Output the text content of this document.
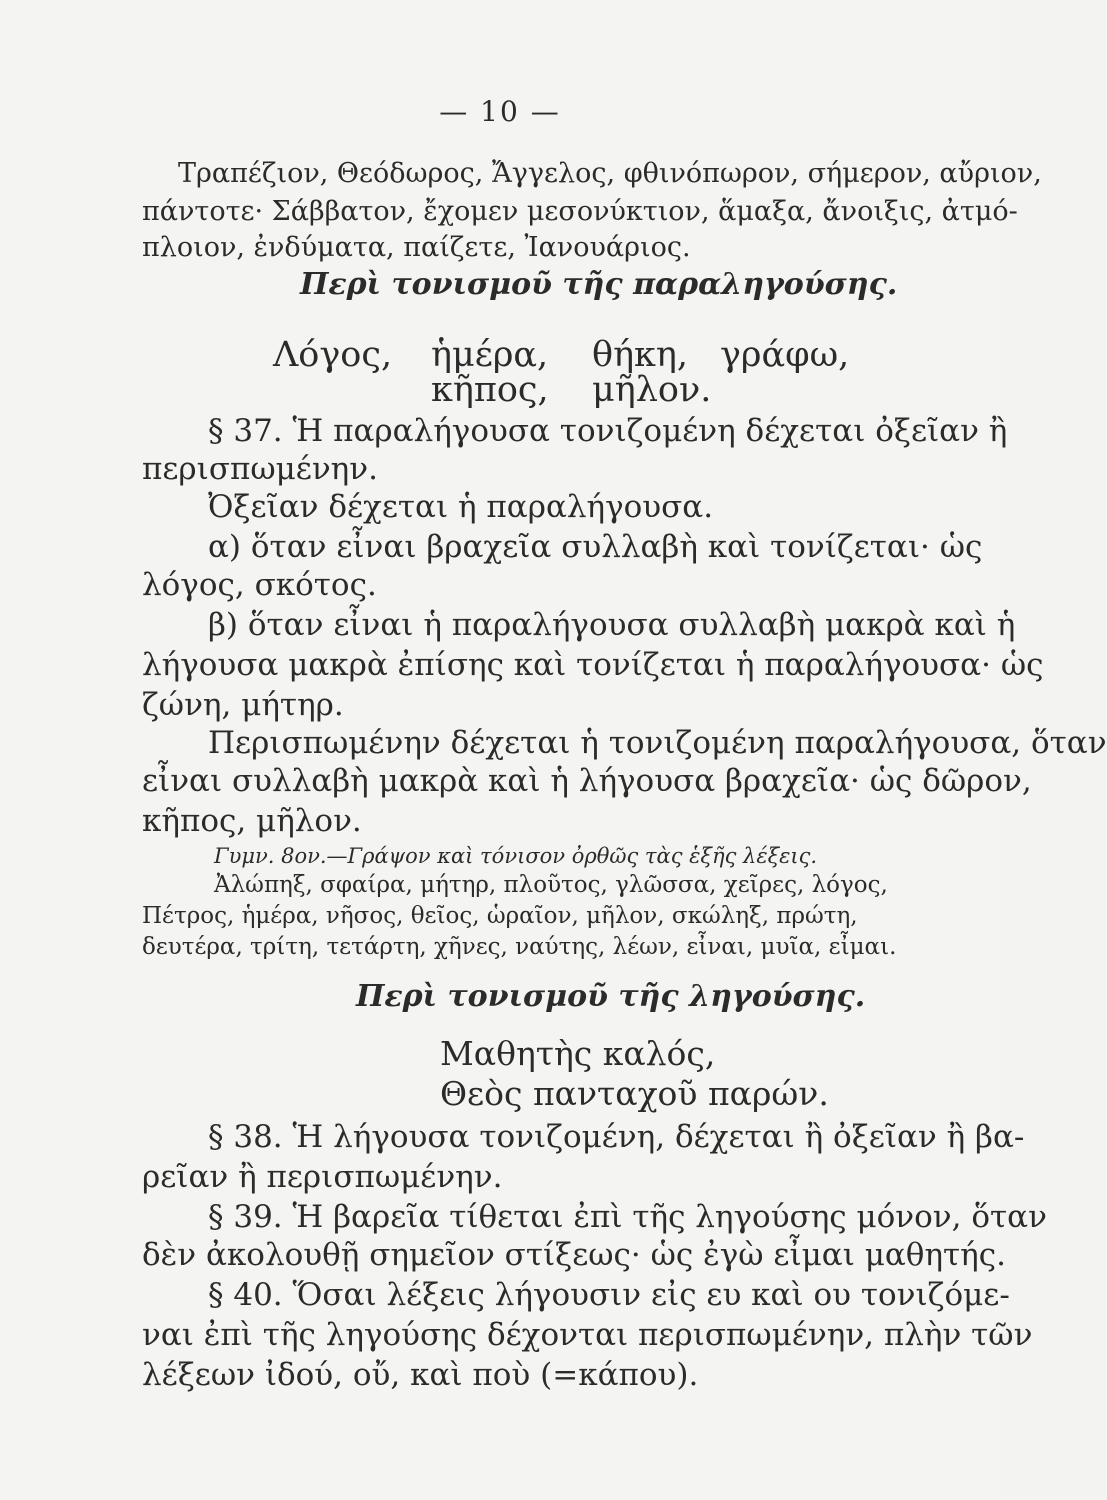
— 10 —
Τραπέζιον, Θεόδωρος, Ἄγγελος, φθινόπωρον, σήμερον, αὔριον,
πάντοτε· Σάββατον, ἔχομεν μεσονύκτιον, ἅμαξα, ἄνοιξις, ἀτμό-
πλοιον, ἐνδύματα, παίζετε, Ἰανουάριος.
Περὶ τονισμοῦ τῆς παραληγούσης.
Λόγος, ἡμέρα, θήκη, γράφω,
κῆπος, μῆλον.
§ 37. Ἡ παραλήγουσα τονιζομένη δέχεται ὀξεῖαν ἢ
περισπωμένην.
Ὀξεῖαν δέχεται ἡ παραλήγουσα.
α) ὅταν εἶναι βραχεῖα συλλαβὴ καὶ τονίζεται· ὡς
λόγος, σκότος.
β) ὅταν εἶναι ἡ παραλήγουσα συλλαβὴ μακρὰ καὶ ἡ
λήγουσα μακρὰ ἐπίσης καὶ τονίζεται ἡ παραλήγουσα· ὡς
ζώνη, μήτηρ.
Περισπωμένην δέχεται ἡ τονιζομένη παραλήγουσα, ὅταν
εἶναι συλλαβὴ μακρὰ καὶ ἡ λήγουσα βραχεῖα· ὡς δῶρον,
κῆπος, μῆλον.
Γυμν. 8ον.—Γράψον καὶ τόνισον ὀρθῶς τὰς ἑξῆς λέξεις.
Ἀλώπηξ, σφαίρα, μήτηρ, πλοῦτος, γλῶσσα, χεῖρες, λόγος,
Πέτρος, ἡμέρα, νῆσος, θεῖος, ὡραῖον, μῆλον, σκώληξ, πρώτη,
δευτέρα, τρίτη, τετάρτη, χῆνες, ναύτης, λέων, εἶναι, μυῖα, εἶμαι.
Περὶ τονισμοῦ τῆς ληγούσης.
Μαθητὴς καλός,
Θεὸς πανταχοῦ παρών.
§ 38. Ἡ λήγουσα τονιζομένη, δέχεται ἢ ὀξεῖαν ἢ βα-
ρεῖαν ἢ περισπωμένην.
§ 39. Ἡ βαρεῖα τίθεται ἐπὶ τῆς ληγούσης μόνον, ὅταν
δὲν ἀκολουθῇ σημεῖον στίξεως· ὡς ἐγὼ εἶμαι μαθητής.
§ 40. Ὅσαι λέξεις λήγουσιν εἰς ευ καὶ ου τονιζόμε-
ναι ἐπὶ τῆς ληγούσης δέχονται περισπωμένην, πλὴν τῶν
λέξεων ἰδού, οὔ, καὶ ποὺ (=κάπου).
